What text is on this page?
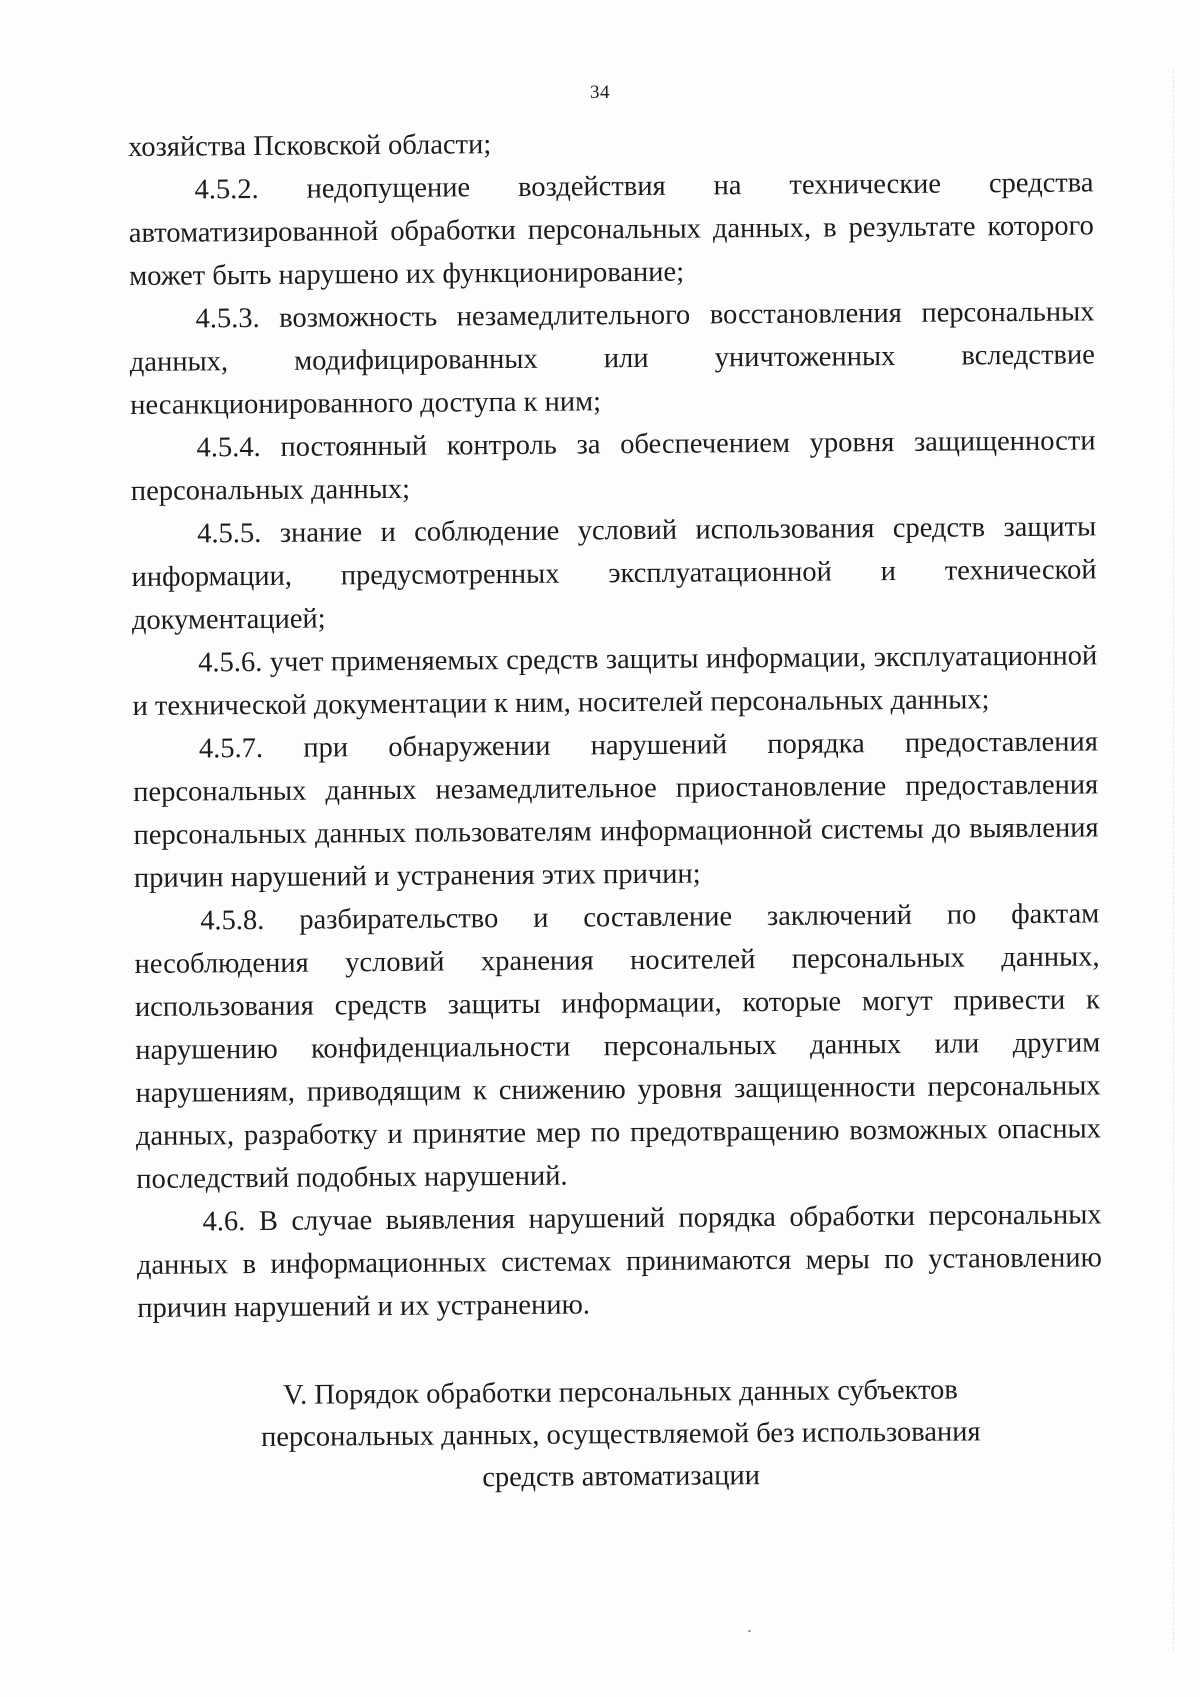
34

хозяйства Псковской области;

4.5.2. недопущение воздействия на технические средства автоматизированной обработки персональных данных, в результате которого может быть нарушено их функционирование;

4.5.3. возможность незамедлительного восстановления персональных данных, модифицированных или уничтоженных вследствие несанкционированного доступа к ним;

4.5.4. постоянный контроль за обеспечением уровня защищенности персональных данных;

4.5.5. знание и соблюдение условий использования средств защиты информации, предусмотренных эксплуатационной и технической документацией;

4.5.6. учет применяемых средств защиты информации, эксплуатационной и технической документации к ним, носителей персональных данных;

4.5.7. при обнаружении нарушений порядка предоставления персональных данных незамедлительное приостановление предоставления персональных данных пользователям информационной системы до выявления причин нарушений и устранения этих причин;

4.5.8. разбирательство и составление заключений по фактам несоблюдения условий хранения носителей персональных данных, использования средств защиты информации, которые могут привести к нарушению конфиденциальности персональных данных или другим нарушениям, приводящим к снижению уровня защищенности персональных данных, разработку и принятие мер по предотвращению возможных опасных последствий подобных нарушений.

4.6. В случае выявления нарушений порядка обработки персональных данных в информационных системах принимаются меры по установлению причин нарушений и их устранению.

V. Порядок обработки персональных данных субъектов
персональных данных, осуществляемой без использования
средств автоматизации
